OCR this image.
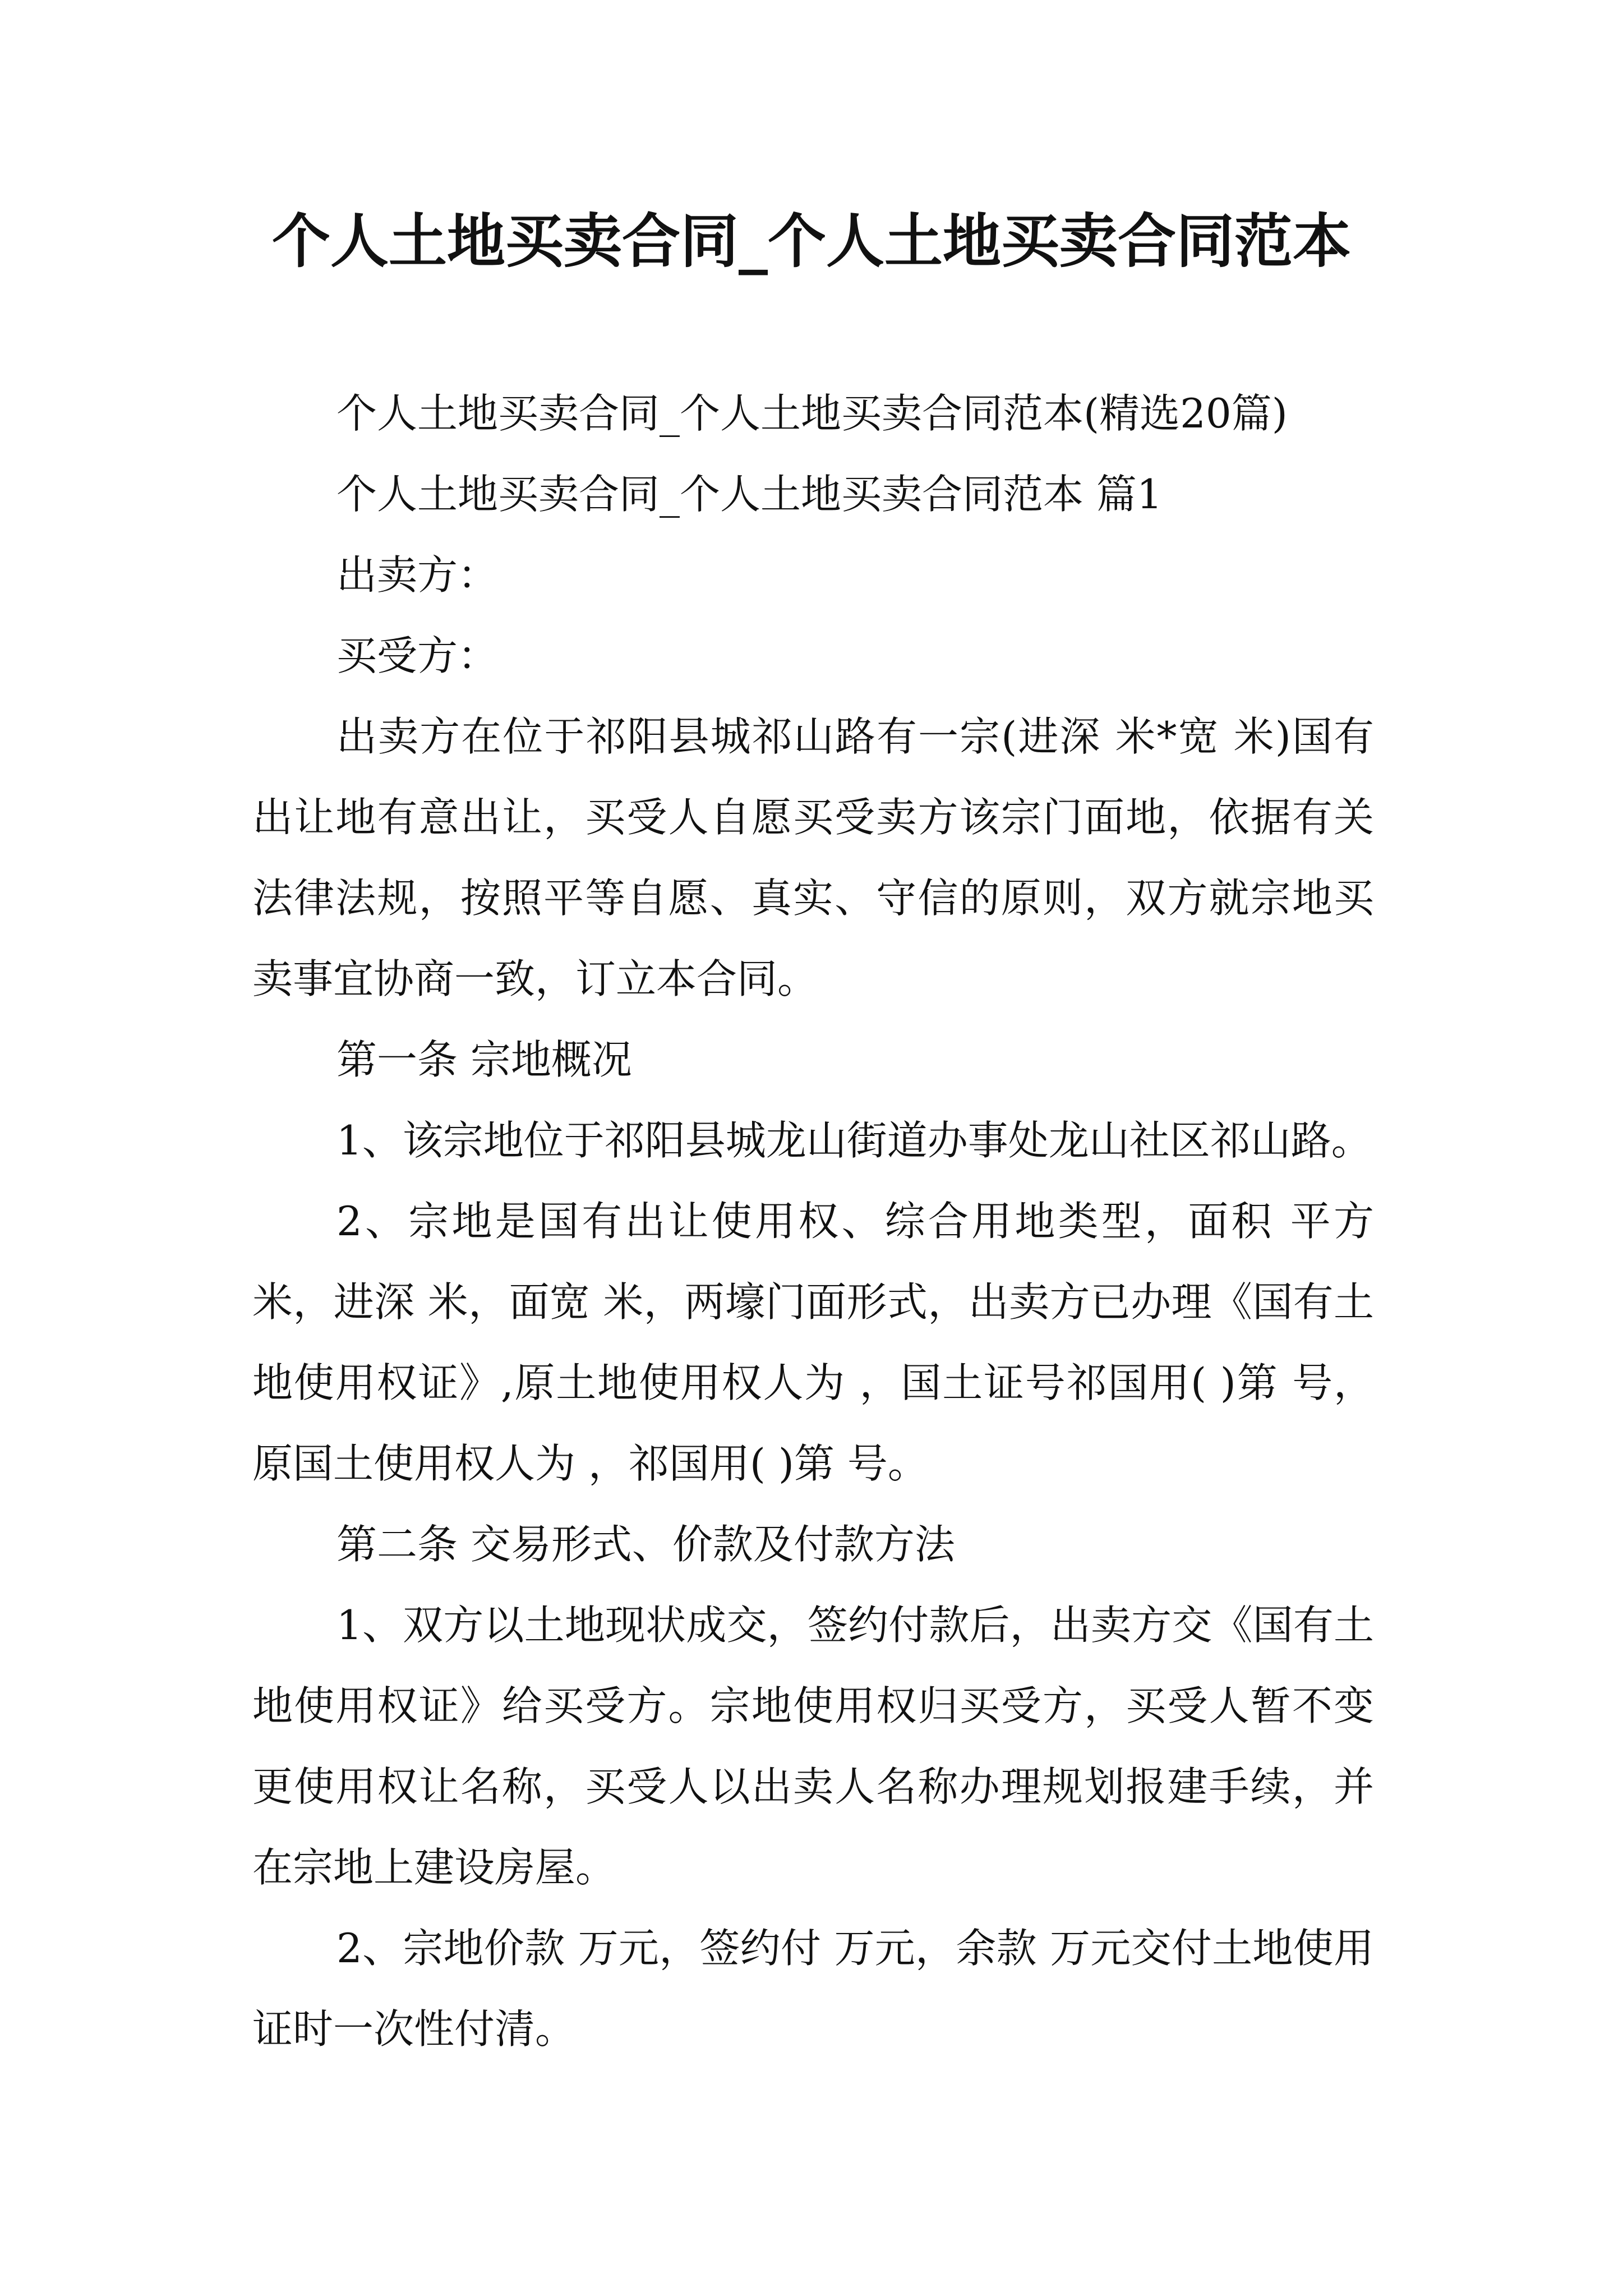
个人土地买卖合同_个人土地买卖合同范本

个人土地买卖合同_个人土地买卖合同范本(精选20篇)

个人土地买卖合同_个人土地买卖合同范本 篇1

出卖方：

买受方：

出卖方在位于祁阳县城祁山路有一宗(进深 米*宽 米)国有出让地有意出让，买受人自愿买受卖方该宗门面地，依据有关法律法规，按照平等自愿、真实、守信的原则，双方就宗地买卖事宜协商一致，订立本合同。

第一条 宗地概况

1、该宗地位于祁阳县城龙山街道办事处龙山社区祁山路。

2、宗地是国有出让使用权、综合用地类型，面积 平方米，进深 米，面宽 米，两壕门面形式，出卖方已办理《国有土地使用权证》,原土地使用权人为 ，国土证号祁国用( )第 号，原国土使用权人为 ，祁国用( )第 号。

第二条 交易形式、价款及付款方法

1、双方以土地现状成交，签约付款后，出卖方交《国有土地使用权证》给买受方。宗地使用权归买受方，买受人暂不变更使用权让名称，买受人以出卖人名称办理规划报建手续，并在宗地上建设房屋。

2、宗地价款 万元，签约付 万元，余款 万元交付土地使用证时一次性付清。
